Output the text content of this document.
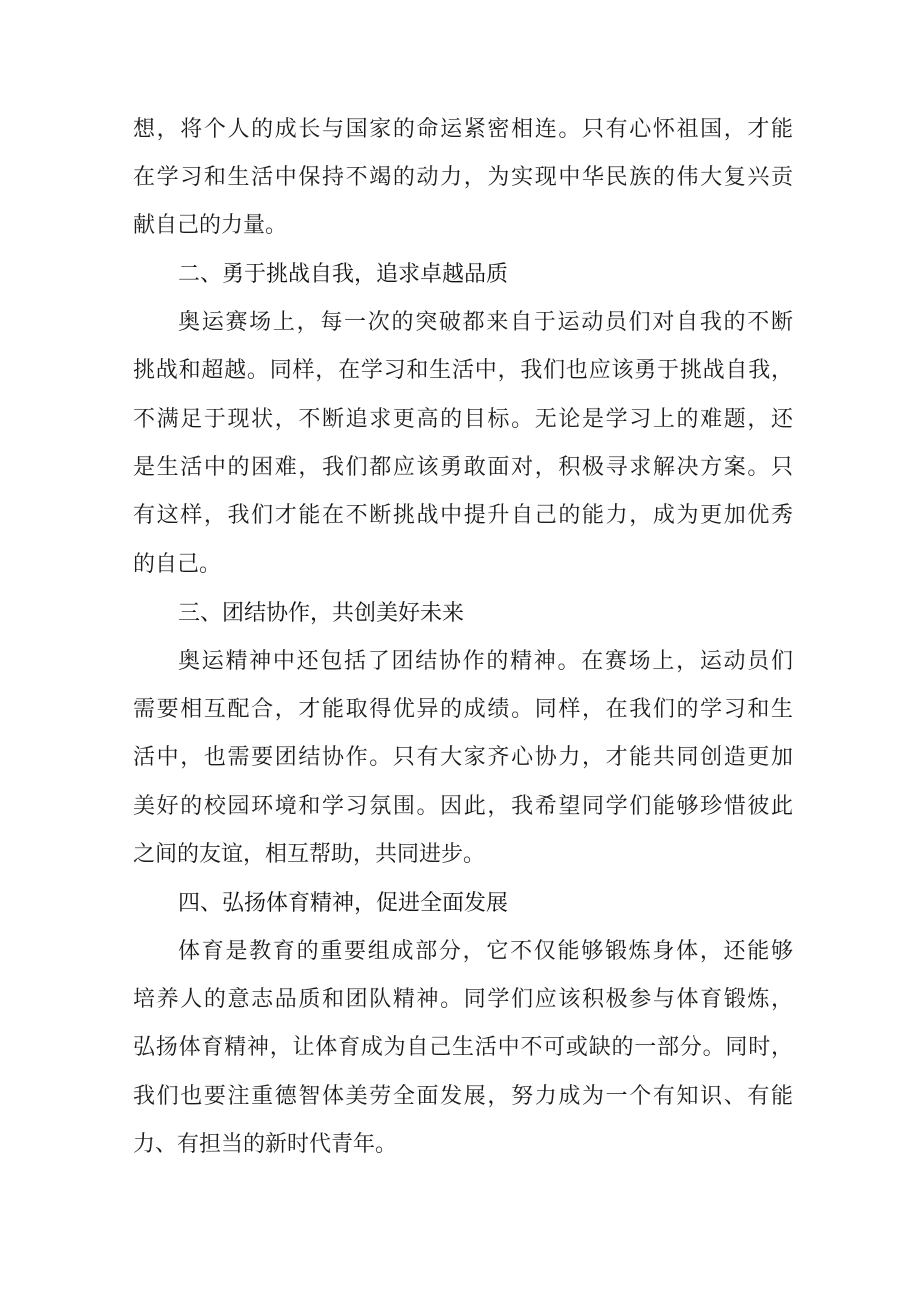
想，将个人的成长与国家的命运紧密相连。只有心怀祖国，才能
在学习和生活中保持不竭的动力，为实现中华民族的伟大复兴贡
献自己的力量。
二、勇于挑战自我，追求卓越品质
奥运赛场上，每一次的突破都来自于运动员们对自我的不断
挑战和超越。同样，在学习和生活中，我们也应该勇于挑战自我，
不满足于现状，不断追求更高的目标。无论是学习上的难题，还
是生活中的困难，我们都应该勇敢面对，积极寻求解决方案。只
有这样，我们才能在不断挑战中提升自己的能力，成为更加优秀
的自己。
三、团结协作，共创美好未来
奥运精神中还包括了团结协作的精神。在赛场上，运动员们
需要相互配合，才能取得优异的成绩。同样，在我们的学习和生
活中，也需要团结协作。只有大家齐心协力，才能共同创造更加
美好的校园环境和学习氛围。因此，我希望同学们能够珍惜彼此
之间的友谊，相互帮助，共同进步。
四、弘扬体育精神，促进全面发展
体育是教育的重要组成部分，它不仅能够锻炼身体，还能够
培养人的意志品质和团队精神。同学们应该积极参与体育锻炼，
弘扬体育精神，让体育成为自己生活中不可或缺的一部分。同时，
我们也要注重德智体美劳全面发展，努力成为一个有知识、有能
力、有担当的新时代青年。
